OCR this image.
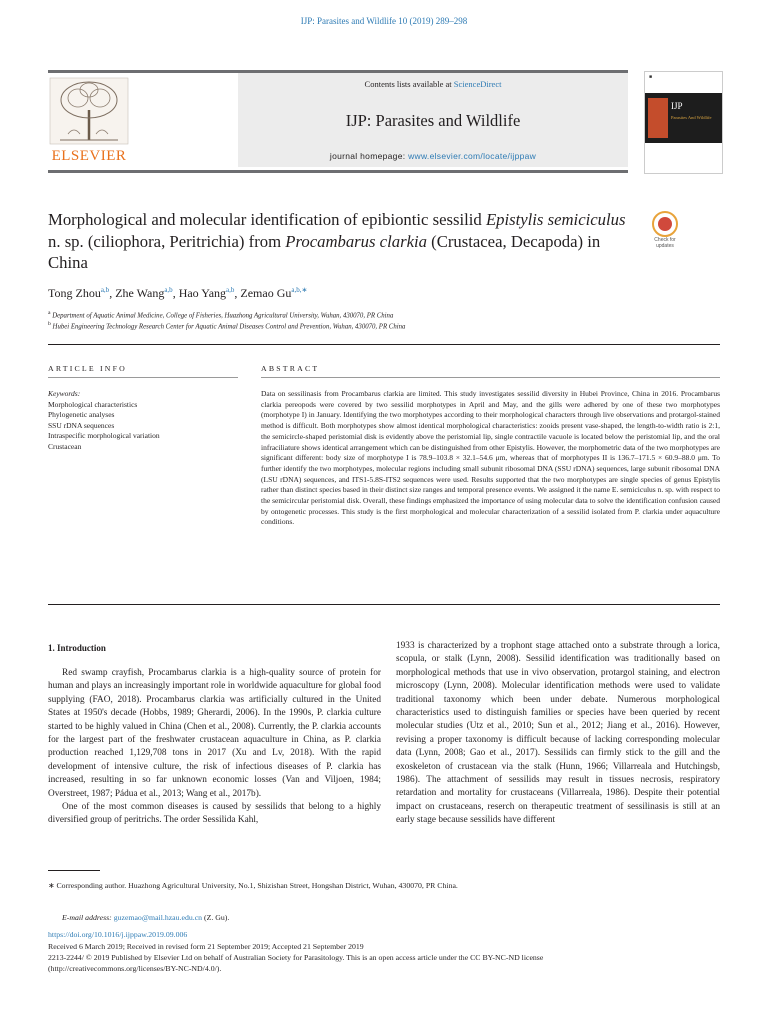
IJP: Parasites and Wildlife 10 (2019) 289–298
ELSEVIER
Contents lists available at ScienceDirect
IJP: Parasites and Wildlife
journal homepage: www.elsevier.com/locate/ijppaw
■
IJP
Parasites And Wildlife
Morphological and molecular identification of epibiontic sessilid Epistylis semiciculus n. sp. (ciliophora, Peritrichia) from Procambarus clarkia (Crustacea, Decapoda) in China
Check for updates
Tong Zhou$^{a,b}$, Zhe Wang$^{a,b}$, Hao Yang$^{a,b}$, Zemao $Gu^{a,b,∗}$
$^a$ Department of Aquatic Animal Medicine, College of Fisheries, Huazhong Agricultural University, Wuhan, 430070, PR China
$^b$ Hubei Engineering Technology Research Center for Aquatic Animal Diseases Control and Prevention, Wuhan, 430070, PR China
ARTICLE INFO	ABSTRACT
Keywords:
Morphological characteristics
Phylogenetic analyses
SSU rDNA sequences
Intraspecific morphological variation
Crustacean
Data on sessilinasis from Procambarus clarkia are limited. This study investigates sessilid diversity in Hubei Province, China in 2016. Procambarus clarkia pereopods were covered by two sessilid morphotypes in April and May, and the gills were adhered by one of these two morphotypes (morphotype I) in January. Identifying the two morphotypes according to their morphological characters through live observations and protargol-stained method is difficult. Both morphotypes show almost identical morphological characteristics: zooids present vase-shaped, the length-to-width ratio is 2:1, the semicircle-shaped peristomial disk is evidently above the peristomial lip, single contractile vacuole is located below the peristomial lip, and the oral infraciliature shows identical arrangement which can be distinguished from other Epistylis. However, the morphometric data of the two morphotypes are significant different: body size of morphotype I is 78.9–103.8 × 32.1–54.6 μm, whereas that of morphotypes II is 136.7–171.5 × 60.9–88.0 μm. To further identify the two morphotypes, molecular regions including small subunit ribosomal DNA (SSU rDNA) sequences, large subunit ribosomal DNA (LSU rDNA) sequences, and ITS1-5.8S-ITS2 sequences were used. Results supported that the two morphotypes are single species of genus Epistylis rather than distinct species based in their distinct size ranges and temporal presence events. We assigned it the name E. semiciculus n. sp. with respect to the semicircular peristomial disk. Overall, these findings emphasized the importance of using molecular data to solve the identification confusion caused by ontogenetic processes. This study is the first morphological and molecular characterization of a sessilid isolated from P. clarkia under aquaculture conditions.
1. Introduction

Red swamp crayfish, Procambarus clarkia is a high-quality source of protein for human and plays an increasingly important role in worldwide aquaculture for global food supplying (FAO, 2018). Procambarus clarkia was artificially cultured in the United States at 1950's decade (Hobbs, 1989; Gherardi, 2006). In the 1990s, P. clarkia culture started to be highly valued in China (Chen et al., 2008). Currently, the P. clarkia accounts for the largest part of the freshwater crustacean aquaculture in China, as P. clarkia production reached 1,129,708 tons in 2017 (Xu and Lv, 2018). With the rapid development of intensive culture, the risk of infectious diseases of P. clarkia has increased, resulting in so far unknown economic losses (Van and Viljoen, 1984; Overstreet, 1987; Pádua et al., 2013; Wang et al., 2017b).

One of the most common diseases is caused by sessilids that belong to a highly diversified group of peritrichs. The order Sessilida Kahl,

1933 is characterized by a trophont stage attached onto a substrate through a lorica, scopula, or stalk (Lynn, 2008). Sessilid identification was traditionally based on morphological methods that use in vivo observation, protargol staining, and electron microscopy (Lynn, 2008). Molecular identification methods were used to validate traditional taxonomy which been under debate. Numerous morphological characteristics used to distinguish families or species have been queried by recent molecular studies (Utz et al., 2010; Sun et al., 2012; Jiang et al., 2016). However, revising a proper taxonomy is difficult because of lacking corresponding molecular data (Lynn, 2008; Gao et al., 2017). Sessilids can firmly stick to the gill and the exoskeleton of crustacean via the stalk (Hunn, 1966; Villarreala and Hutchingsb, 1986). The attachment of sessilids may result in tissues necrosis, respiratory retardation and mortality for crustaceans (Villarreala, 1986). Despite their potential impact on crustaceans, reserch on therapeutic treatment of sessilinasis is still at an early stage because sessilids have different

∗ Corresponding author. Huazhong Agricultural University, No.1, Shizishan Street, Hongshan District, Wuhan, 430070, PR China.
E-mail address: guzemao@mail.hzau.edu.cn (Z. Gu).
https://doi.org/10.1016/j.ijppaw.2019.09.006
Received 6 March 2019; Received in revised form 21 September 2019; Accepted 21 September 2019
2213-2244/ © 2019 Published by Elsevier Ltd on behalf of Australian Society for Parasitology. This is an open access article under the CC BY-NC-ND license
(http://creativecommons.org/licenses/BY-NC-ND/4.0/).
